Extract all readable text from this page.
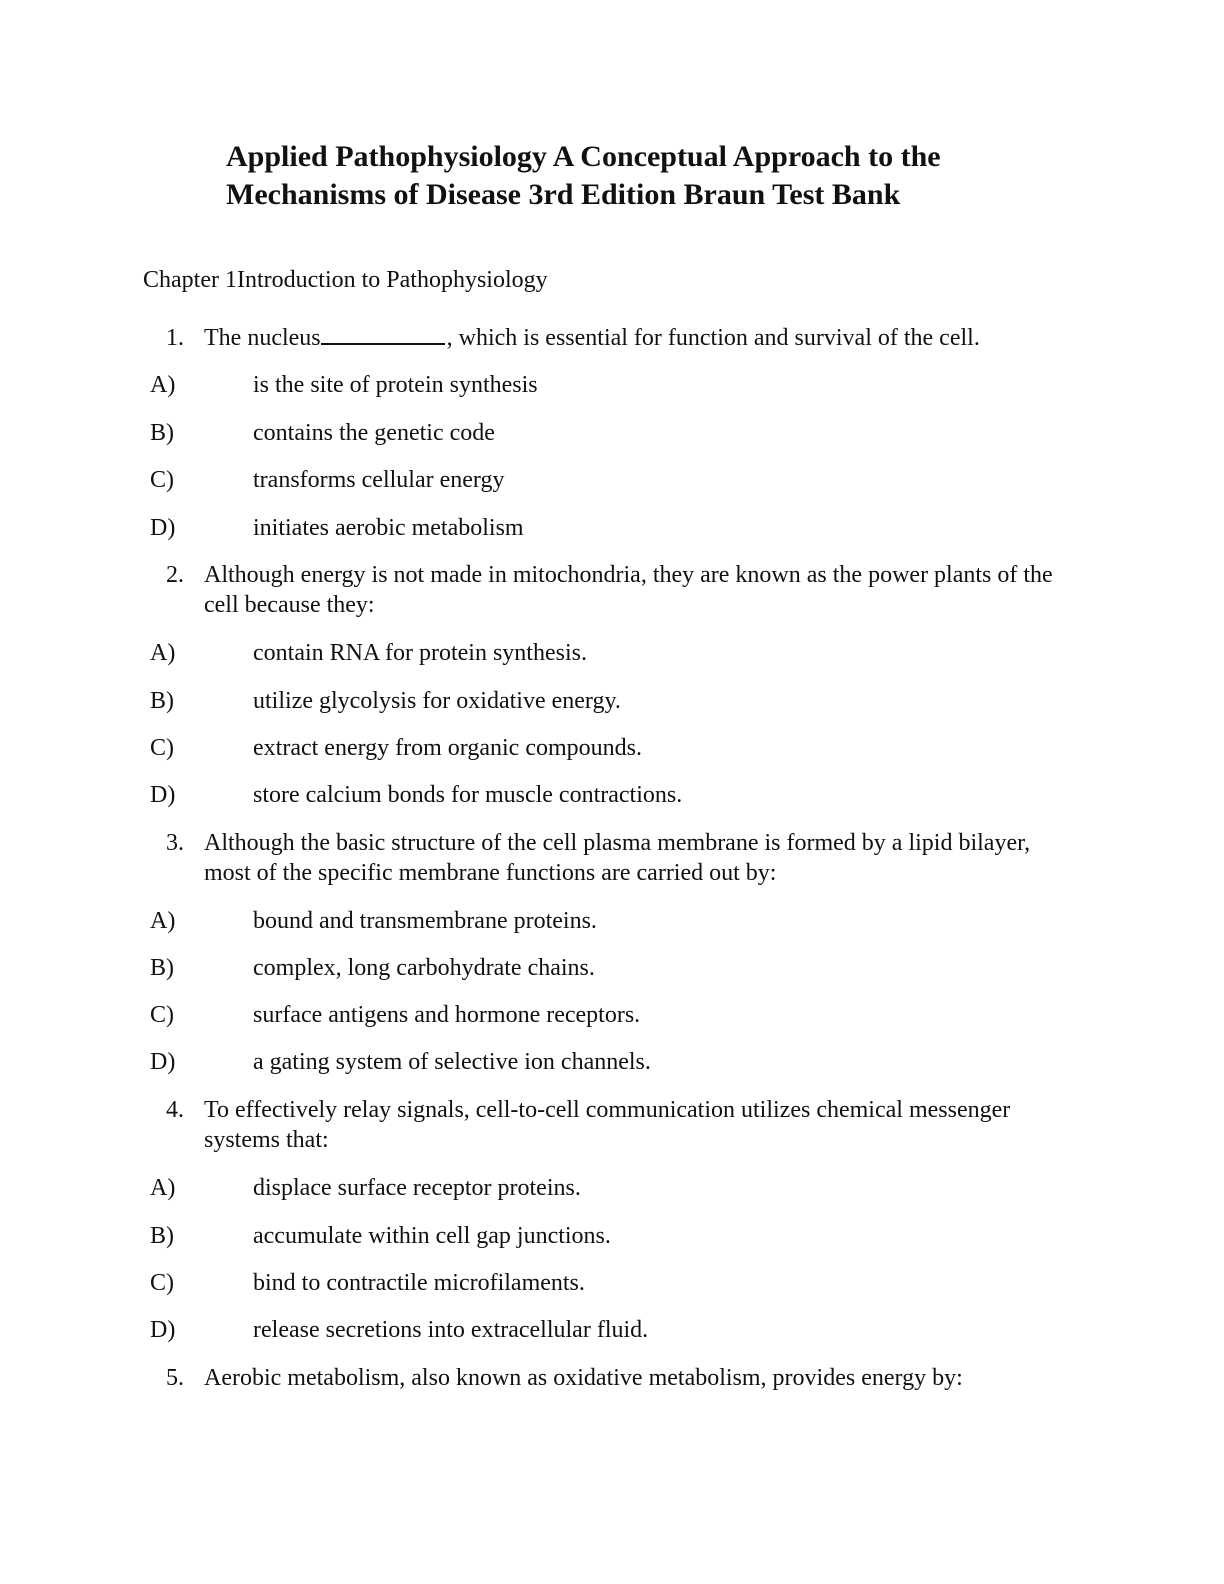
Applied Pathophysiology A Conceptual Approach to the Mechanisms of Disease 3rd Edition Braun Test Bank

Chapter 1Introduction to Pathophysiology

1. The nucleus	, which is essential for function and survival of the cell.
A)	is the site of protein synthesis
B)	contains the genetic code
C)	transforms cellular energy
D)	initiates aerobic metabolism
2. Although energy is not made in mitochondria, they are known as the power plants of the cell because they:
A)	contain RNA for protein synthesis.
B)	utilize glycolysis for oxidative energy.
C)	extract energy from organic compounds.
D)	store calcium bonds for muscle contractions.
3. Although the basic structure of the cell plasma membrane is formed by a lipid bilayer, most of the specific membrane functions are carried out by:
A)	bound and transmembrane proteins.
B)	complex, long carbohydrate chains.
C)	surface antigens and hormone receptors.
D)	a gating system of selective ion channels.
4. To effectively relay signals, cell-to-cell communication utilizes chemical messenger systems that:
A)	displace surface receptor proteins.
B)	accumulate within cell gap junctions.
C)	bind to contractile microfilaments.
D)	release secretions into extracellular fluid.
5. Aerobic metabolism, also known as oxidative metabolism, provides energy by:
